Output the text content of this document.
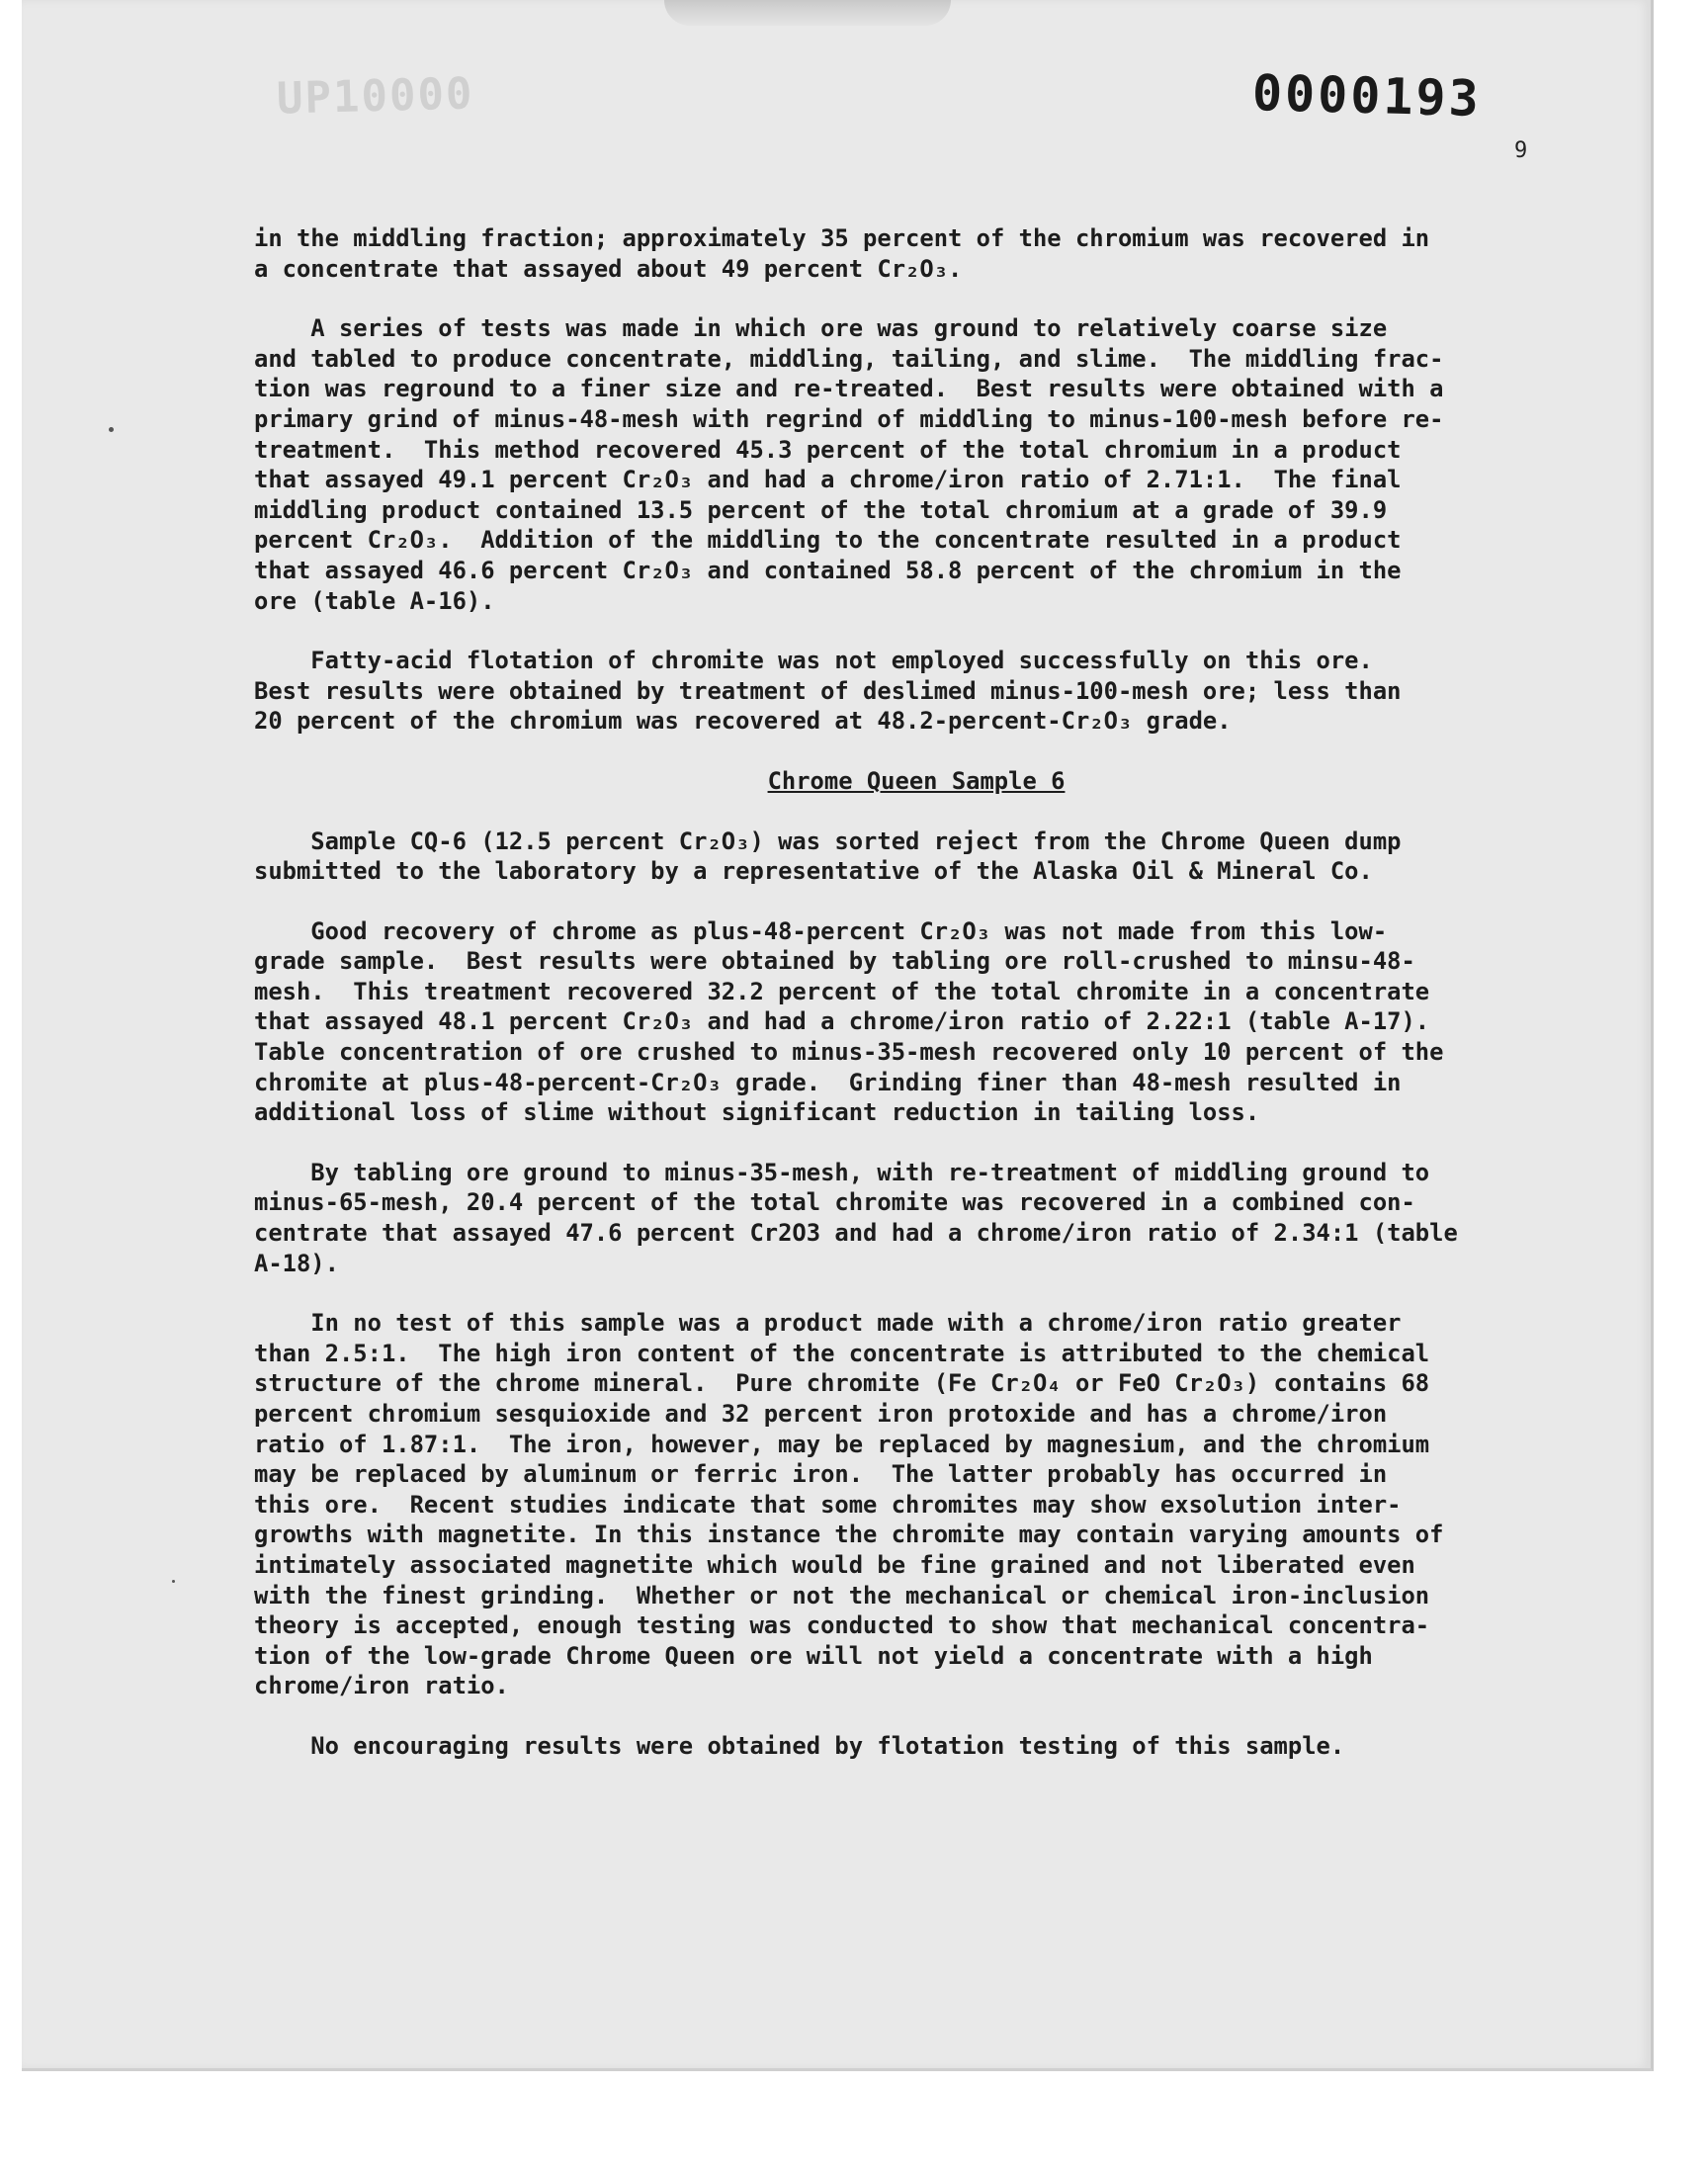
UP10000	0000193
9
in the middling fraction; approximately 35 percent of the chromium was recovered in
a concentrate that assayed about 49 percent Cr₂O₃.
A series of tests was made in which ore was ground to relatively coarse size
and tabled to produce concentrate, middling, tailing, and slime.  The middling frac-
tion was reground to a finer size and re-treated.  Best results were obtained with a
primary grind of minus-48-mesh with regrind of middling to minus-100-mesh before re-
treatment.  This method recovered 45.3 percent of the total chromium in a product
that assayed 49.1 percent Cr₂O₃ and had a chrome/iron ratio of 2.71:1.  The final
middling product contained 13.5 percent of the total chromium at a grade of 39.9
percent Cr₂O₃.  Addition of the middling to the concentrate resulted in a product
that assayed 46.6 percent Cr₂O₃ and contained 58.8 percent of the chromium in the
ore (table A-16).
Fatty-acid flotation of chromite was not employed successfully on this ore.
Best results were obtained by treatment of deslimed minus-100-mesh ore; less than
20 percent of the chromium was recovered at 48.2-percent-Cr₂O₃ grade.
Chrome Queen Sample 6
Sample CQ-6 (12.5 percent Cr₂O₃) was sorted reject from the Chrome Queen dump
submitted to the laboratory by a representative of the Alaska Oil & Mineral Co.
Good recovery of chrome as plus-48-percent Cr₂O₃ was not made from this low-
grade sample.  Best results were obtained by tabling ore roll-crushed to minsu-48-
mesh.  This treatment recovered 32.2 percent of the total chromite in a concentrate
that assayed 48.1 percent Cr₂O₃ and had a chrome/iron ratio of 2.22:1 (table A-17).
Table concentration of ore crushed to minus-35-mesh recovered only 10 percent of the
chromite at plus-48-percent-Cr₂O₃ grade.  Grinding finer than 48-mesh resulted in
additional loss of slime without significant reduction in tailing loss.
By tabling ore ground to minus-35-mesh, with re-treatment of middling ground to
minus-65-mesh, 20.4 percent of the total chromite was recovered in a combined con-
centrate that assayed 47.6 percent Cr2O3 and had a chrome/iron ratio of 2.34:1 (table
A-18).
In no test of this sample was a product made with a chrome/iron ratio greater
than 2.5:1.  The high iron content of the concentrate is attributed to the chemical
structure of the chrome mineral.  Pure chromite (Fe Cr₂O₄ or FeO Cr₂O₃) contains 68
percent chromium sesquioxide and 32 percent iron protoxide and has a chrome/iron
ratio of 1.87:1.  The iron, however, may be replaced by magnesium, and the chromium
may be replaced by aluminum or ferric iron.  The latter probably has occurred in
this ore.  Recent studies indicate that some chromites may show exsolution inter-
growths with magnetite. In this instance the chromite may contain varying amounts of
intimately associated magnetite which would be fine grained and not liberated even
with the finest grinding.  Whether or not the mechanical or chemical iron-inclusion
theory is accepted, enough testing was conducted to show that mechanical concentra-
tion of the low-grade Chrome Queen ore will not yield a concentrate with a high
chrome/iron ratio.
No encouraging results were obtained by flotation testing of this sample.
